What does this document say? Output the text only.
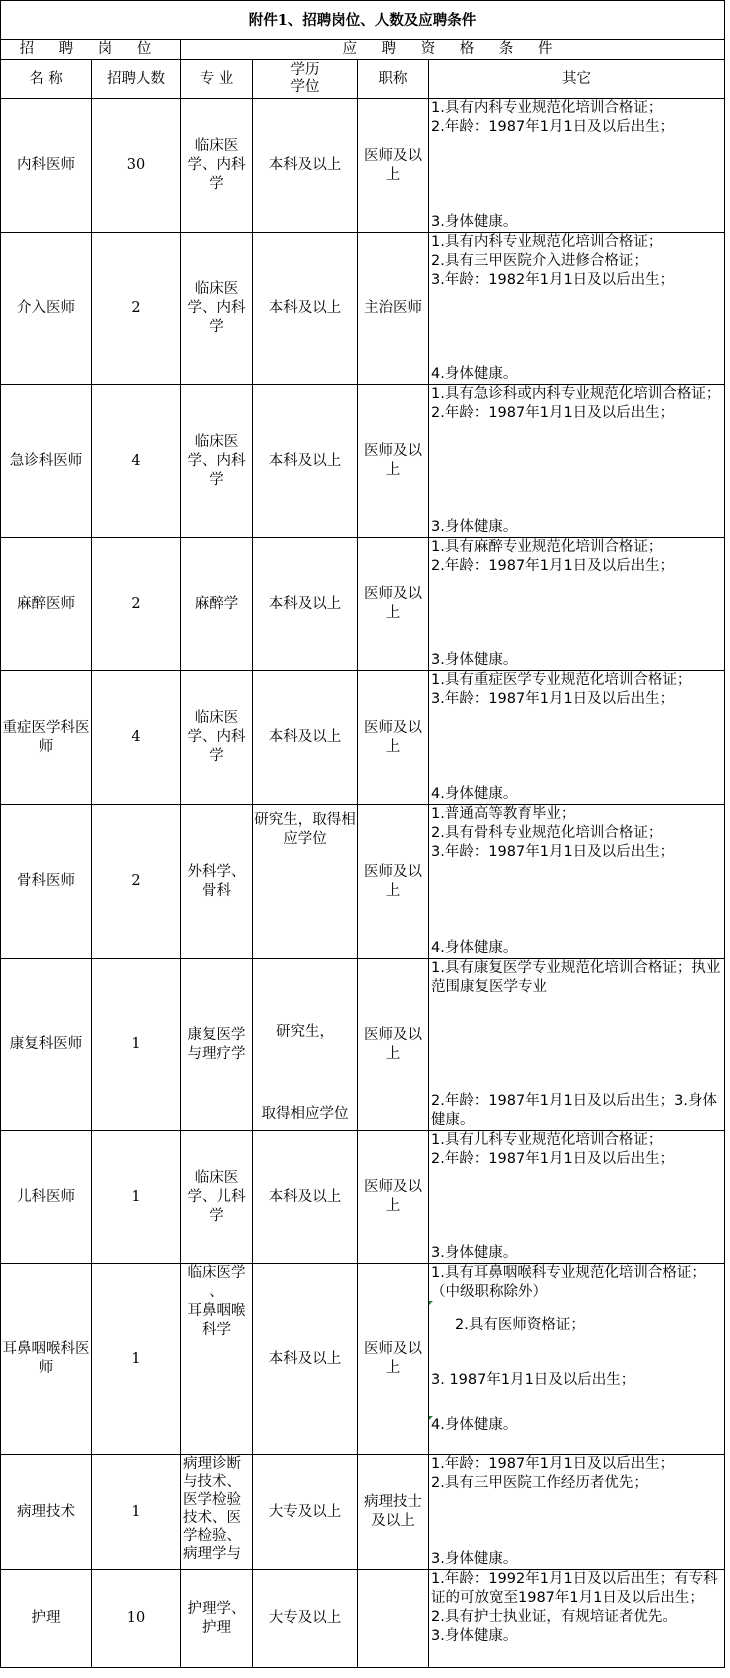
附件1、招聘岗位、人数及应聘条件					
招 聘 岗 位		应 聘 资 格 条 件			
名 称	招聘人数	专 业	学历
学位	职称	其它
内科医师	30	临床医学、内科学	本科及以上	医师及以上	1.具有内科专业规范化培训合格证；
2.年龄：1987年1月1日及以后出生；
3.身体健康。

介入医师	2	临床医学、内科学	本科及以上	主治医师	1.具有内科专业规范化培训合格证；
2.具有三甲医院介入进修合格证；
3.年龄：1982年1月1日及以后出生；
4.身体健康。

急诊科医师	4	临床医学、内科学	本科及以上	医师及以上	1.具有急诊科或内科专业规范化培训合格证；
2.年龄：1987年1月1日及以后出生；
3.身体健康。

麻醉医师	2	麻醉学	本科及以上	医师及以上	1.具有麻醉专业规范化培训合格证；
2.年龄：1987年1月1日及以后出生；
3.身体健康。

重症医学科医师	4	临床医学、内科学	本科及以上	医师及以上	1.具有重症医学专业规范化培训合格证；
3.年龄：1987年1月1日及以后出生；
4.身体健康。

骨科医师	2	外科学、骨科	研究生，取得相应学位	医师及以上	1.普通高等教育毕业；
2.具有骨科专业规范化培训合格证；
3.年龄：1987年1月1日及以后出生；
4.身体健康。

康复科医师	1	康复医学与理疗学	研究生，
取得相应学位	医师及以上	1.具有康复医学专业规范化培训合格证；执业范围康复医学专业
2.年龄：1987年1月1日及以后出生；3.身体健康。

儿科医师	1	临床医学、儿科学	本科及以上	医师及以上	1.具有儿科专业规范化培训合格证；
2.年龄：1987年1月1日及以后出生；
3.身体健康。

耳鼻咽喉科医师	1	临床医学
、
耳鼻咽喉
科学	本科及以上	医师及以上	1.具有耳鼻咽喉科专业规范化培训合格证；（中级职称除外）
2.具有医师资格证；
3. 1987年1月1日及以后出生；
4.身体健康。

病理技术	1	病理诊断与技术、医学检验技术、医学检验、病理学与	大专及以上	病理技士及以上	1.年龄：1987年1月1日及以后出生；
2.具有三甲医院工作经历者优先；
3.身体健康。

护理	10	护理学、护理	大专及以上		1.年龄：1992年1月1日及以后出生；有专科证的可放宽至1987年1月1日及以后出生；
2.具有护士执业证，有规培证者优先。
3.身体健康。
